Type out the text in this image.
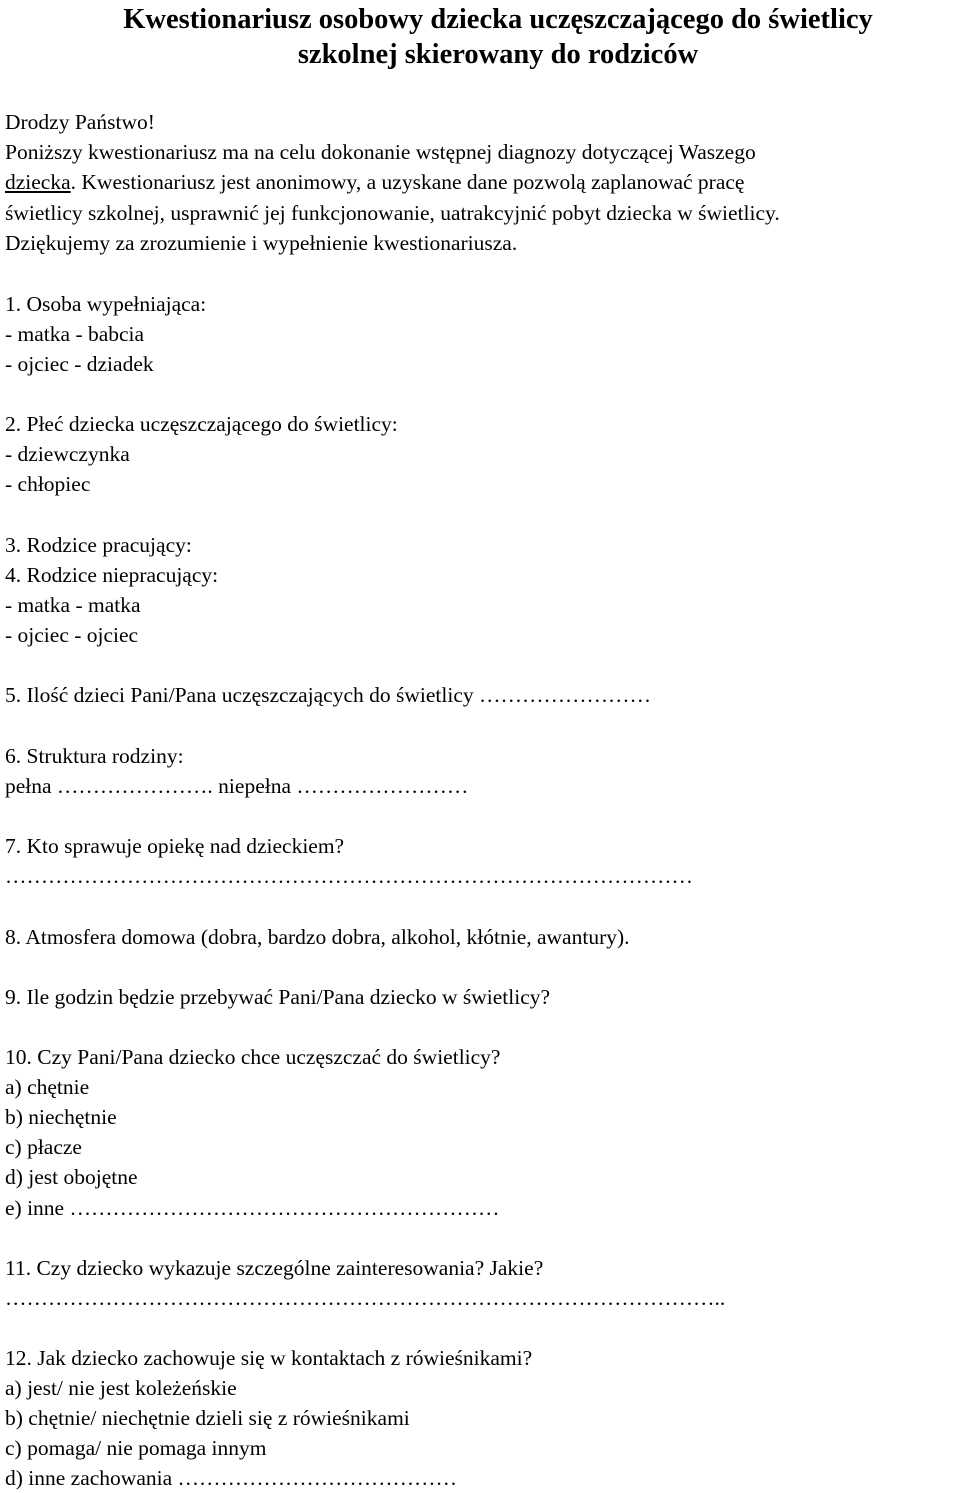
Kwestionariusz osobowy dziecka uczęszczającego do świetlicy
szkolnej skierowany do rodziców

Drodzy Państwo!

Poniższy kwestionariusz ma na celu dokonanie wstępnej diagnozy dotyczącej Waszego

dziecka. Kwestionariusz jest anonimowy, a uzyskane dane pozwolą zaplanować pracę

świetlicy szkolnej, usprawnić jej funkcjonowanie, uatrakcyjnić pobyt dziecka w świetlicy.

Dziękujemy za zrozumienie i wypełnienie kwestionariusza.

1. Osoba wypełniająca:

- matka - babcia

- ojciec - dziadek

2. Płeć dziecka uczęszczającego do świetlicy:

- dziewczynka

- chłopiec

3. Rodzice pracujący:

4. Rodzice niepracujący:

- matka - matka

- ojciec - ojciec

5. Ilość dzieci Pani/Pana uczęszczających do świetlicy ……………………

6. Struktura rodziny:

pełna …………………. niepełna ……………………

7. Kto sprawuje opiekę nad dzieckiem?

……………………………………………………………………………………

8. Atmosfera domowa (dobra, bardzo dobra, alkohol, kłótnie, awantury).

9. Ile godzin będzie przebywać Pani/Pana dziecko w świetlicy?

10. Czy Pani/Pana dziecko chce uczęszczać do świetlicy?

a) chętnie

b) niechętnie

c) płacze

d) jest obojętne

e) inne ……………………………………………………

11. Czy dziecko wykazuje szczególne zainteresowania? Jakie?

………………………………………………………………………………………..

12. Jak dziecko zachowuje się w kontaktach z rówieśnikami?

a) jest/ nie jest koleżeńskie

b) chętnie/ niechętnie dzieli się z rówieśnikami

c) pomaga/ nie pomaga innym

d) inne zachowania …………………………………
